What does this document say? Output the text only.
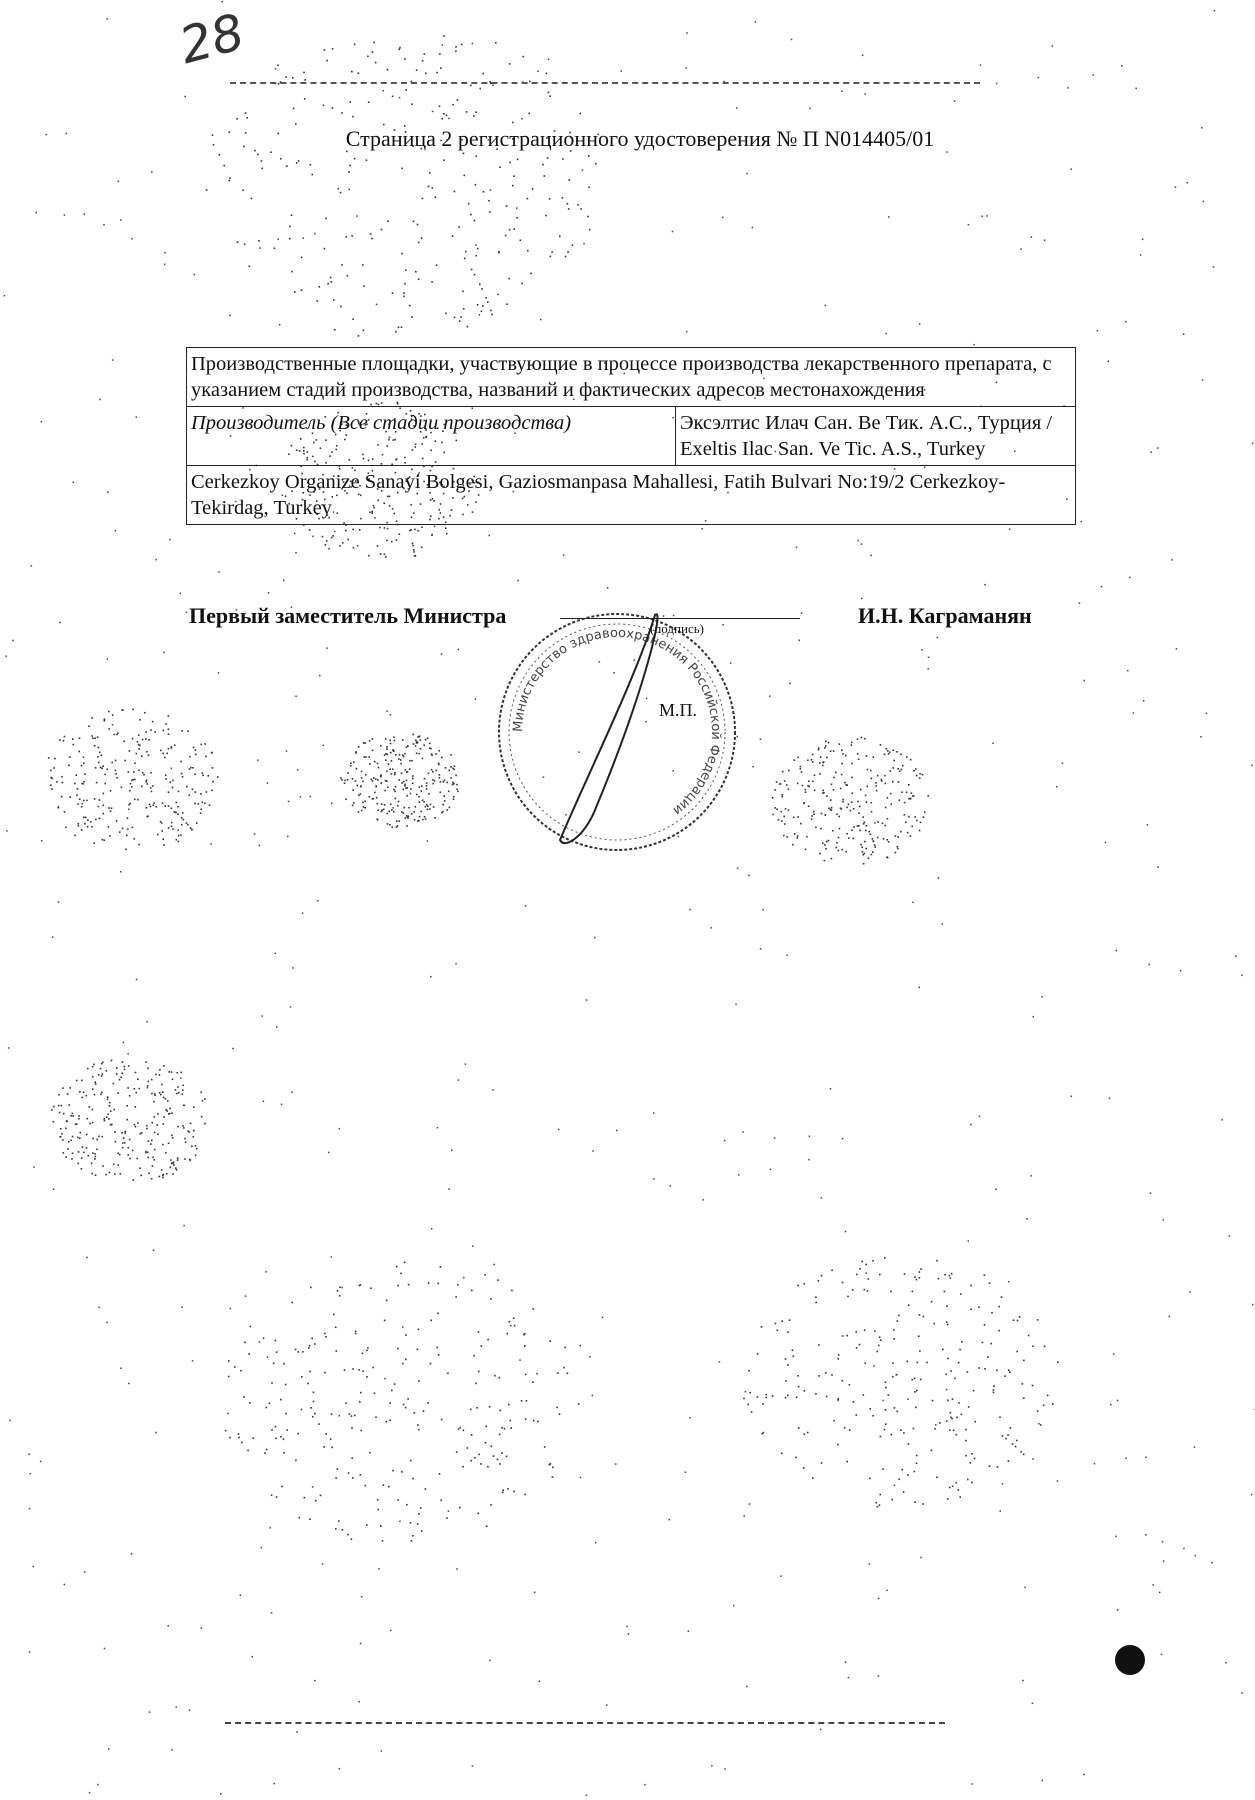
28
Страница 2 регистрационного удостоверения № П N014405/01
Производственные площадки, участвующие в процессе производства лекарственного препарата, с указанием стадий производства, названий и фактических адресов местонахождения
Производитель (Все стадии производства)	Эксэлтис Илач Сан. Ве Тик. А.С., Турция / Exeltis Ilac San. Ve Tic. A.S., Turkey
Cerkezkoy Organize Sanayi Bolgesi, Gaziosmanpasa Mahallesi, Fatih Bulvari No:19/2 Cerkezkoy-Tekirdag, Turkey
Министерство здравоохранения Российской Федерации
Первый заместитель Министра
(подпись)
М.П.
И.Н. Каграманян
